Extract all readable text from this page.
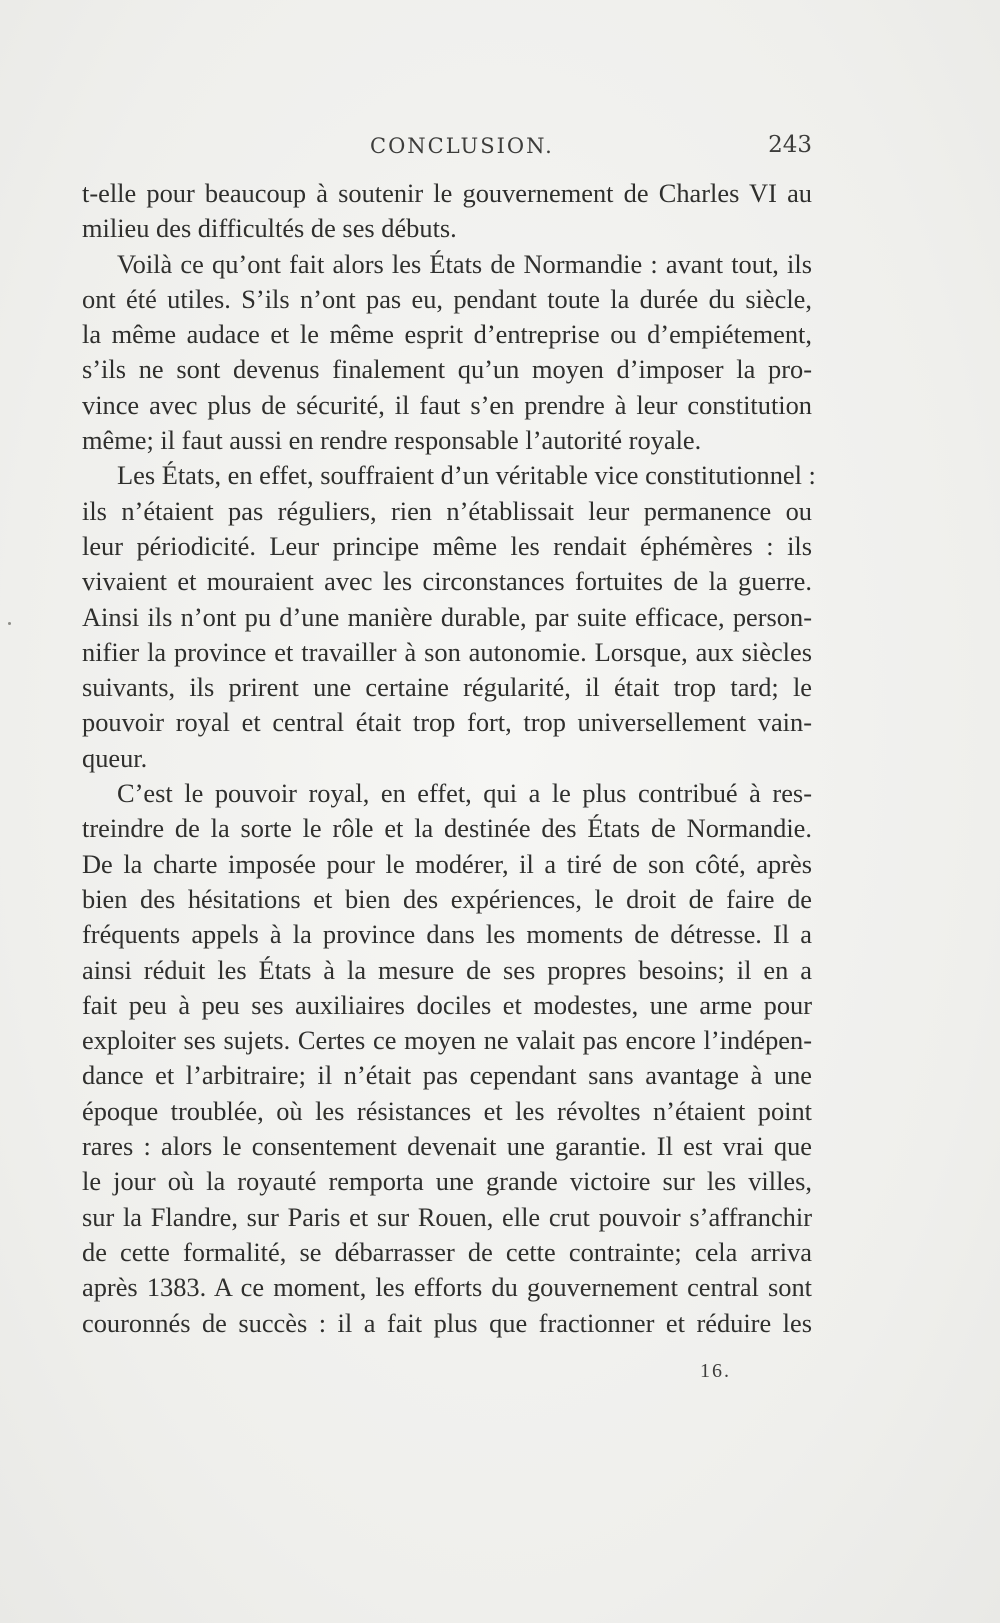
CONCLUSION.	243
t-elle pour beaucoup à soutenir le gouvernement de Charles VI au
milieu des difficultés de ses débuts.
Voilà ce qu’ont fait alors les États de Normandie : avant tout, ils
ont été utiles. S’ils n’ont pas eu, pendant toute la durée du siècle,
la même audace et le même esprit d’entreprise ou d’empiétement,
s’ils ne sont devenus finalement qu’un moyen d’imposer la pro-
vince avec plus de sécurité, il faut s’en prendre à leur constitution
même; il faut aussi en rendre responsable l’autorité royale.
Les États, en effet, souffraient d’un véritable vice constitutionnel :
ils n’étaient pas réguliers, rien n’établissait leur permanence ou
leur périodicité. Leur principe même les rendait éphémères : ils
vivaient et mouraient avec les circonstances fortuites de la guerre.
Ainsi ils n’ont pu d’une manière durable, par suite efficace, person-
nifier la province et travailler à son autonomie. Lorsque, aux siècles
suivants, ils prirent une certaine régularité, il était trop tard; le
pouvoir royal et central était trop fort, trop universellement vain-
queur.
C’est le pouvoir royal, en effet, qui a le plus contribué à res-
treindre de la sorte le rôle et la destinée des États de Normandie.
De la charte imposée pour le modérer, il a tiré de son côté, après
bien des hésitations et bien des expériences, le droit de faire de
fréquents appels à la province dans les moments de détresse. Il a
ainsi réduit les États à la mesure de ses propres besoins; il en a
fait peu à peu ses auxiliaires dociles et modestes, une arme pour
exploiter ses sujets. Certes ce moyen ne valait pas encore l’indépen-
dance et l’arbitraire; il n’était pas cependant sans avantage à une
époque troublée, où les résistances et les révoltes n’étaient point
rares : alors le consentement devenait une garantie. Il est vrai que
le jour où la royauté remporta une grande victoire sur les villes,
sur la Flandre, sur Paris et sur Rouen, elle crut pouvoir s’affranchir
de cette formalité, se débarrasser de cette contrainte; cela arriva
après 1383. A ce moment, les efforts du gouvernement central sont
couronnés de succès : il a fait plus que fractionner et réduire les
16.
